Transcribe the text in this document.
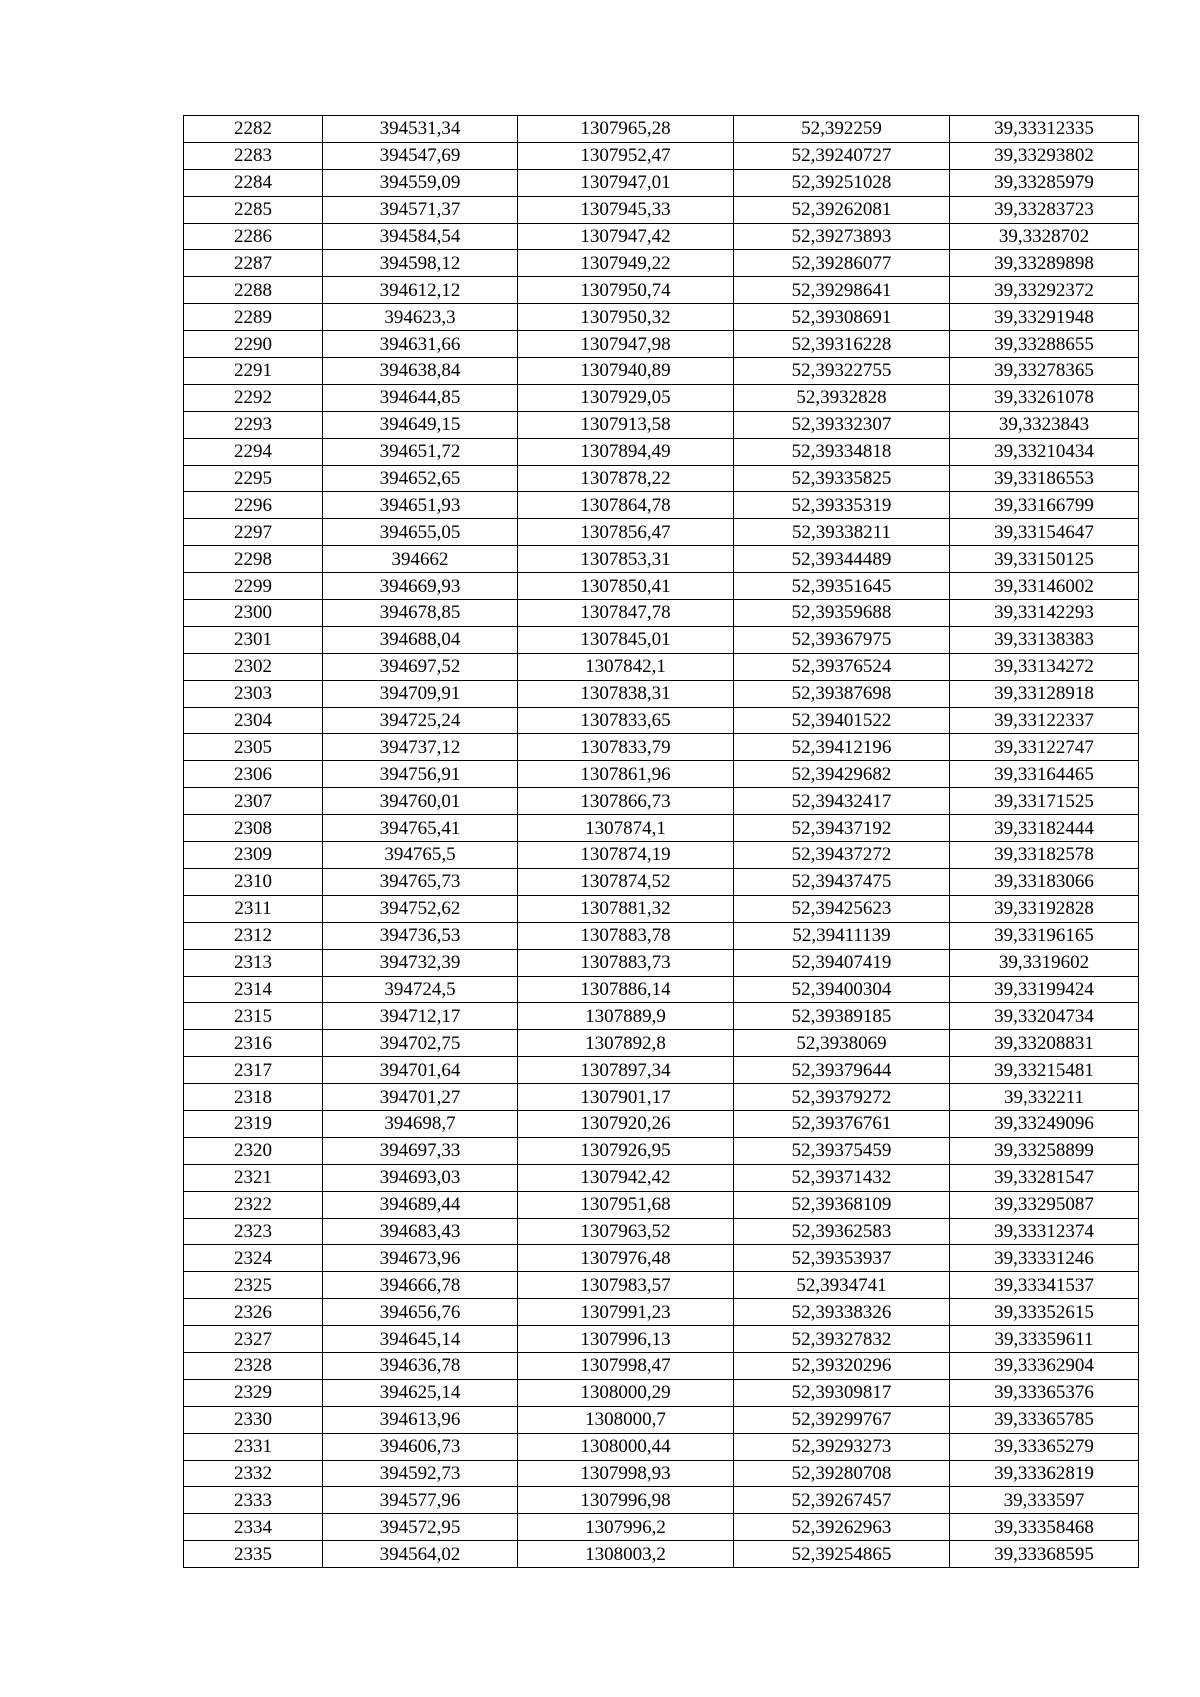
2282	394531,34	1307965,28	52,392259	39,33312335
2283	394547,69	1307952,47	52,39240727	39,33293802
2284	394559,09	1307947,01	52,39251028	39,33285979
2285	394571,37	1307945,33	52,39262081	39,33283723
2286	394584,54	1307947,42	52,39273893	39,3328702
2287	394598,12	1307949,22	52,39286077	39,33289898
2288	394612,12	1307950,74	52,39298641	39,33292372
2289	394623,3	1307950,32	52,39308691	39,33291948
2290	394631,66	1307947,98	52,39316228	39,33288655
2291	394638,84	1307940,89	52,39322755	39,33278365
2292	394644,85	1307929,05	52,3932828	39,33261078
2293	394649,15	1307913,58	52,39332307	39,3323843
2294	394651,72	1307894,49	52,39334818	39,33210434
2295	394652,65	1307878,22	52,39335825	39,33186553
2296	394651,93	1307864,78	52,39335319	39,33166799
2297	394655,05	1307856,47	52,39338211	39,33154647
2298	394662	1307853,31	52,39344489	39,33150125
2299	394669,93	1307850,41	52,39351645	39,33146002
2300	394678,85	1307847,78	52,39359688	39,33142293
2301	394688,04	1307845,01	52,39367975	39,33138383
2302	394697,52	1307842,1	52,39376524	39,33134272
2303	394709,91	1307838,31	52,39387698	39,33128918
2304	394725,24	1307833,65	52,39401522	39,33122337
2305	394737,12	1307833,79	52,39412196	39,33122747
2306	394756,91	1307861,96	52,39429682	39,33164465
2307	394760,01	1307866,73	52,39432417	39,33171525
2308	394765,41	1307874,1	52,39437192	39,33182444
2309	394765,5	1307874,19	52,39437272	39,33182578
2310	394765,73	1307874,52	52,39437475	39,33183066
2311	394752,62	1307881,32	52,39425623	39,33192828
2312	394736,53	1307883,78	52,39411139	39,33196165
2313	394732,39	1307883,73	52,39407419	39,3319602
2314	394724,5	1307886,14	52,39400304	39,33199424
2315	394712,17	1307889,9	52,39389185	39,33204734
2316	394702,75	1307892,8	52,3938069	39,33208831
2317	394701,64	1307897,34	52,39379644	39,33215481
2318	394701,27	1307901,17	52,39379272	39,332211
2319	394698,7	1307920,26	52,39376761	39,33249096
2320	394697,33	1307926,95	52,39375459	39,33258899
2321	394693,03	1307942,42	52,39371432	39,33281547
2322	394689,44	1307951,68	52,39368109	39,33295087
2323	394683,43	1307963,52	52,39362583	39,33312374
2324	394673,96	1307976,48	52,39353937	39,33331246
2325	394666,78	1307983,57	52,3934741	39,33341537
2326	394656,76	1307991,23	52,39338326	39,33352615
2327	394645,14	1307996,13	52,39327832	39,33359611
2328	394636,78	1307998,47	52,39320296	39,33362904
2329	394625,14	1308000,29	52,39309817	39,33365376
2330	394613,96	1308000,7	52,39299767	39,33365785
2331	394606,73	1308000,44	52,39293273	39,33365279
2332	394592,73	1307998,93	52,39280708	39,33362819
2333	394577,96	1307996,98	52,39267457	39,333597
2334	394572,95	1307996,2	52,39262963	39,33358468
2335	394564,02	1308003,2	52,39254865	39,33368595
